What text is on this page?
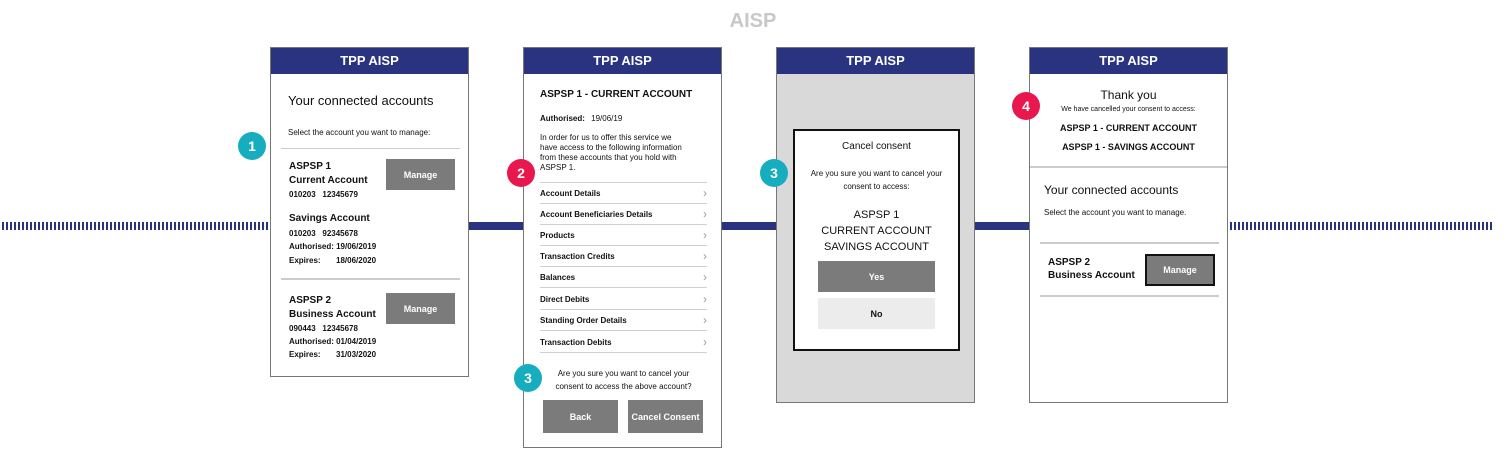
AISP
TPP AISP
Your connected accounts
Select the account you want to manage:
ASPSP 1
Current Account
010203   12345679
Manage
Savings Account
010203   92345678
Authorised: 19/06/2019
Expires: 18/06/2020
ASPSP 2
Business Account
090443   12345678
Manage
Authorised: 01/04/2019
Expires: 31/03/2020
1
TPP AISP
ASPSP 1 - CURRENT ACCOUNT
Authorised: 19/06/19
In order for us to offer this service we
have access to the following information
from these accounts that you hold with
ASPSP 1.
Account Details	›
Account Beneficiaries Details	›
Products	›
Transaction Credits	›
Balances	›
Direct Debits	›
Standing Order Details	›
Transaction Debits	›
Are you sure you want to cancel your
consent to access the above account?
Back	Cancel Consent
2
3
TPP AISP
Cancel consent
Are you sure you want to cancel your
consent to access:
ASPSP 1
CURRENT ACCOUNT
SAVINGS ACCOUNT
Yes
No
3
TPP AISP
Thank you
We have cancelled your consent to access:
ASPSP 1 - CURRENT ACCOUNT
ASPSP 1 - SAVINGS ACCOUNT
Your connected accounts
Select the account you want to manage.
ASPSP 2
Business Account	Manage
4
